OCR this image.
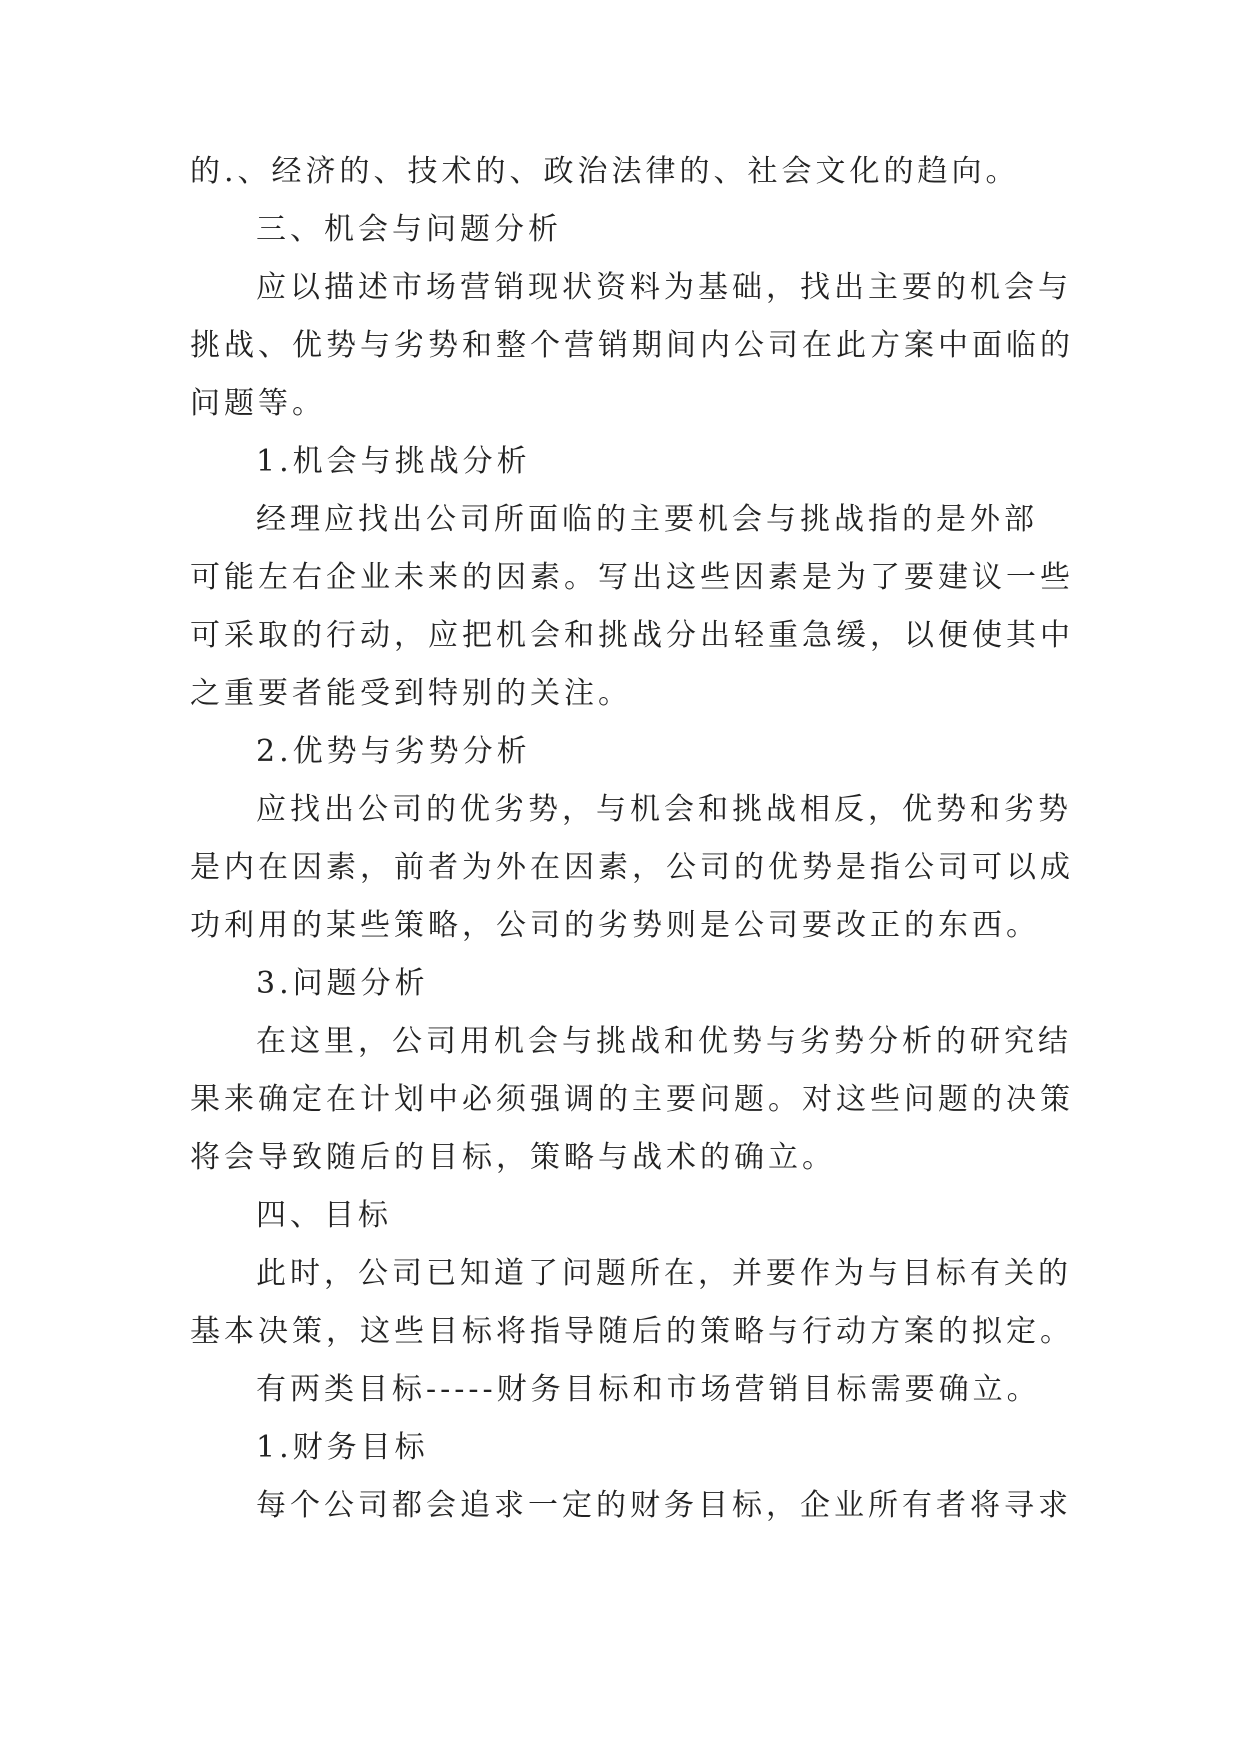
的.、经济的、技术的、政治法律的、社会文化的趋向。
三、机会与问题分析
应以描述市场营销现状资料为基础，找出主要的机会与
挑战、优势与劣势和整个营销期间内公司在此方案中面临的
问题等。
1.机会与挑战分析
经理应找出公司所面临的主要机会与挑战指的是外部
可能左右企业未来的因素。写出这些因素是为了要建议一些
可采取的行动，应把机会和挑战分出轻重急缓，以便使其中
之重要者能受到特别的关注。
2.优势与劣势分析
应找出公司的优劣势，与机会和挑战相反，优势和劣势
是内在因素，前者为外在因素，公司的优势是指公司可以成
功利用的某些策略，公司的劣势则是公司要改正的东西。
3.问题分析
在这里，公司用机会与挑战和优势与劣势分析的研究结
果来确定在计划中必须强调的主要问题。对这些问题的决策
将会导致随后的目标，策略与战术的确立。
四、目标
此时，公司已知道了问题所在，并要作为与目标有关的
基本决策，这些目标将指导随后的策略与行动方案的拟定。
有两类目标-----财务目标和市场营销目标需要确立。
1.财务目标
每个公司都会追求一定的财务目标，企业所有者将寻求
